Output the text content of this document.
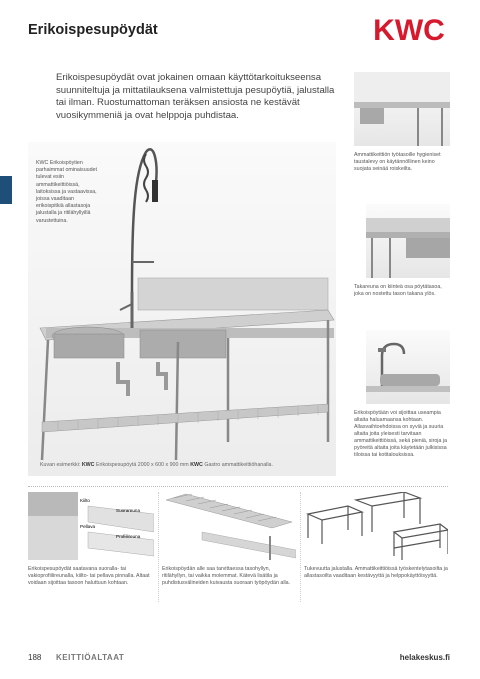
Erikoispesupöydät	KWC

Erikoispesupöydät ovat jokainen omaan käyttötarkoitukseensa suunniteltuja ja mittatilauksena valmistettuja pesupöytiä, jalustalla tai ilman. Ruostumattoman teräksen ansiosta ne kestävät vuosikymmeniä ja ovat helppoja puhdistaa.

KWC Erikoispöytien parhaimmat ominaisuudet tulevat esiin ammattikeittiöissä, laitoksissa ja vastaavissa, joissa vaaditaan erikoispitkiä allastasoja jalustalla ja ritilähyllyillä varustettuina.
Kuvan esimerkki: KWC Erikoispesupöytä 2000 x 600 x 900 mm KWC Gastro ammattikeittiöhanalla.
Ammattikeittiön työtasoille hygieniset taustalevy on käytännöllinen keino suojata seinää roiskeilta.
Takareuna on kiinteä osa pöytätasoa, joka on nostettu tason takana ylös.
Erikoispöytään voi sijoittaa useampia altaita haluamaansa kohtaan. Allasvaihtoehdoissa on syviä ja suuria altaita joita yleisesti tarvitaan ammattikeittiöissä, sekä pieniä, sirojа ja pyöreitä altaita joita käytetään julkisissa tiloissa tai kotitalouksissa.
Kiilto
Suorareuna
Pellava
Profiilireuna
Erikoispesupöydät saatavana suoralla- tai vakioprofiilireunalla, kiilto- tai pellava pinnalla. Altaat voidaan sijoittaa tasoon haluttuun kohtaan.
Erikoispöydän alle saa tarvittaessa tasohyllyn, ritilähyllyn, tai vaikka molemmat. Kätevä lisätila ja puhdistusvälineiden kuivausta suoraan työpöydän alla.
Tukevuutta jalustalla. Ammattikeittiöissä työskentelytasoilta ja allastasoilta vaaditaan kestävyyttä ja helppokäyttöisyyttä.
188 KEITTIÖALTAAT	helakeskus.fi
